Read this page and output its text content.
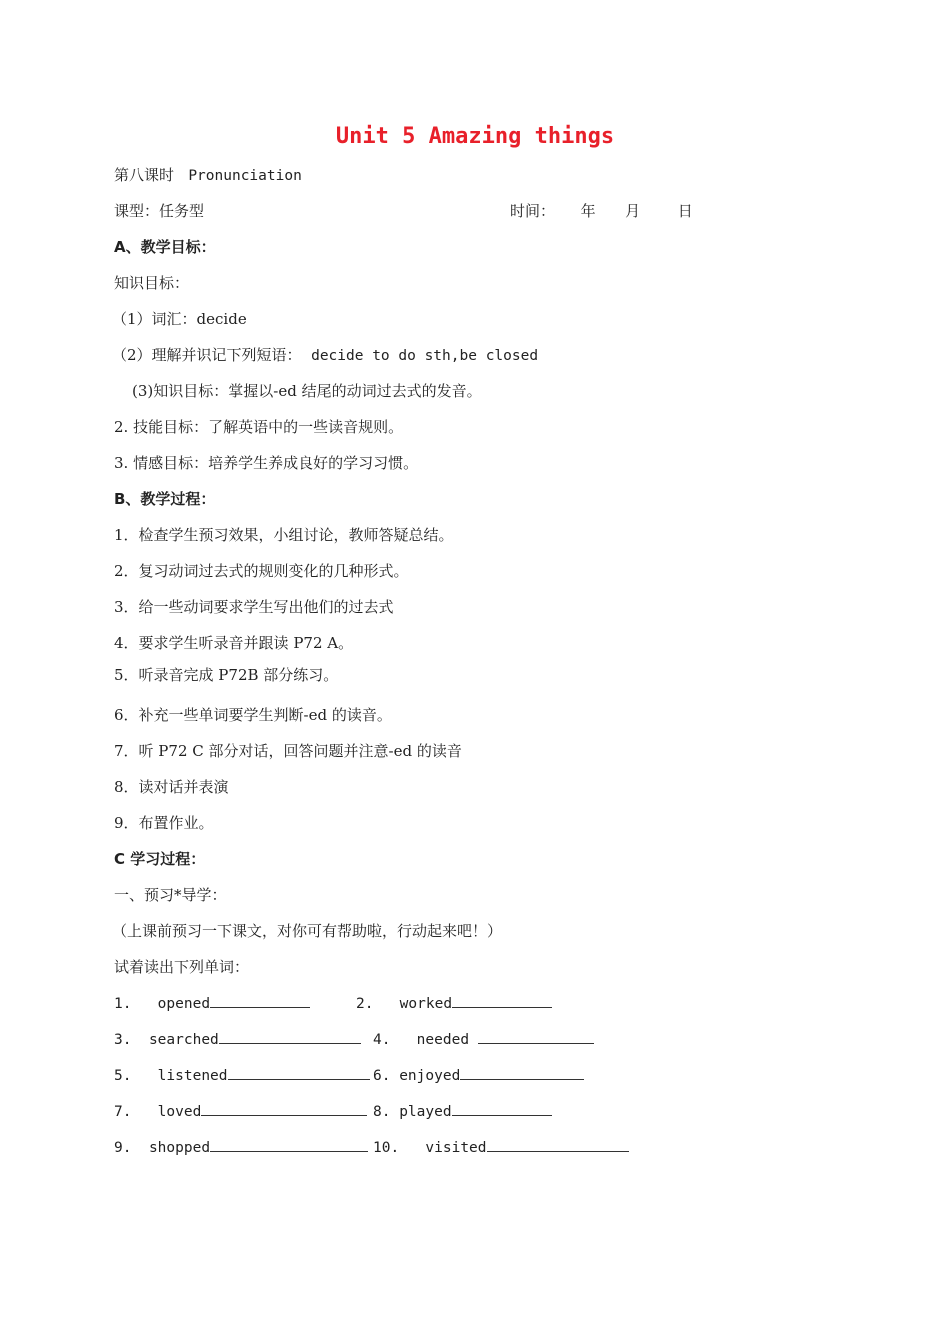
Unit 5 Amazing things
第八课时 Pronunciation
课型：任务型	时间： 年 月	日
A、教学目标：
知识目标：
（1）词汇：decide
（2）理解并识记下列短语： decide to do sth,be closed
(3)知识目标：掌握以-ed 结尾的动词过去式的发音。
2. 技能目标：了解英语中的一些读音规则。
3. 情感目标：培养学生养成良好的学习习惯。
B、教学过程：
1．检查学生预习效果，小组讨论，教师答疑总结。
2．复习动词过去式的规则变化的几种形式。
3．给一些动词要求学生写出他们的过去式
4．要求学生听录音并跟读 P72 A。
5．听录音完成 P72B 部分练习。
6．补充一些单词要学生判断-ed 的读音。
7．听 P72 C 部分对话，回答问题并注意-ed 的读音
8．读对话并表演
9．布置作业。
C 学习过程：
一、预习*导学：
（上课前预习一下课文，对你可有帮助啦，行动起来吧！）
试着读出下列单词：
1. opened	2. worked
3. searched	4. needed
5. listened	6. enjoyed
7. loved	8. played
9. shopped	10. visited
